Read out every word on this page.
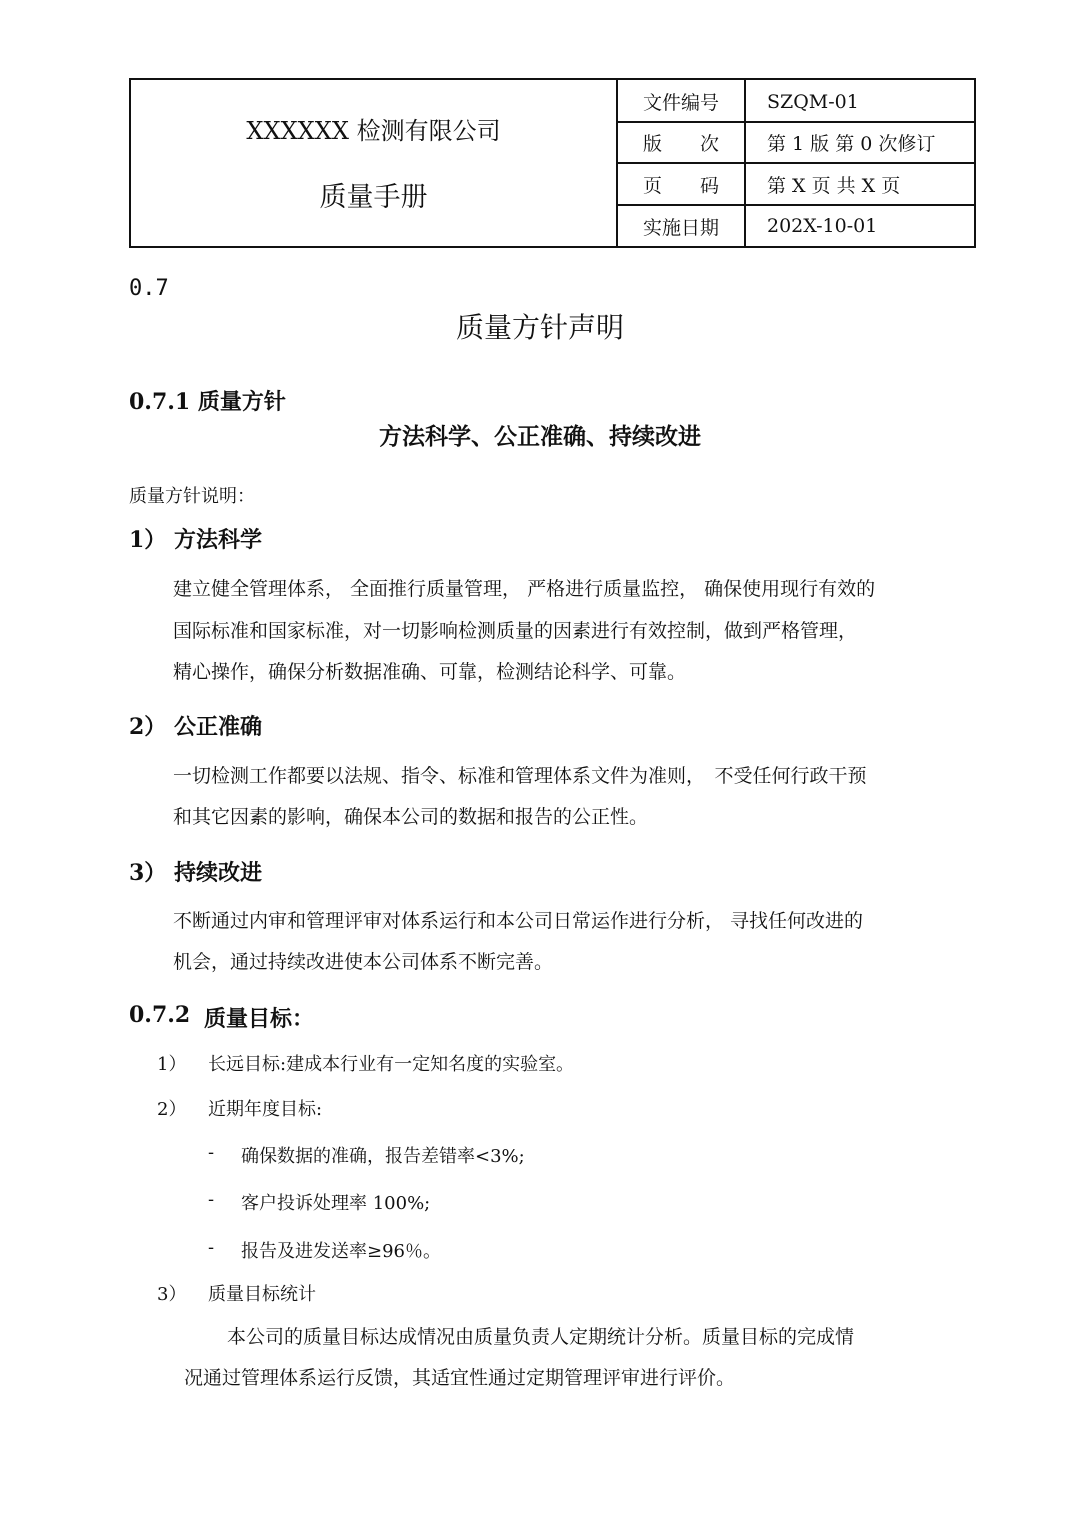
XXXXXX 检测有限公司
质量手册
文件编号	SZQM-01
版　　次	第 1 版 第 0 次修订
页　　码	第 X 页 共 X 页
实施日期	202X-10-01
0.7
质量方针声明
0.7.1 质量方针
方法科学、公正准确、持续改进
质量方针说明：
1） 方法科学
建立健全管理体系， 全面推行质量管理， 严格进行质量监控， 确保使用现行有效的
国际标准和国家标准，对一切影响检测质量的因素进行有效控制，做到严格管理，
精心操作，确保分析数据准确、可靠，检测结论科学、可靠。
2） 公正准确
一切检测工作都要以法规、指令、标准和管理体系文件为准则，　不受任何行政干预
和其它因素的影响，确保本公司的数据和报告的公正性。
3） 持续改进
不断通过内审和管理评审对体系运行和本公司日常运作进行分析， 寻找任何改进的
机会，通过持续改进使本公司体系不断完善。
0.7.2 质量目标：
1） 长远目标:建成本行业有一定知名度的实验室。
2） 近期年度目标:
- 确保数据的准确，报告差错率<3%;
- 客户投诉处理率 100%;
- 报告及进发送率≥96％。
3） 质量目标统计
本公司的质量目标达成情况由质量负责人定期统计分析。质量目标的完成情
况通过管理体系运行反馈，其适宜性通过定期管理评审进行评价。
